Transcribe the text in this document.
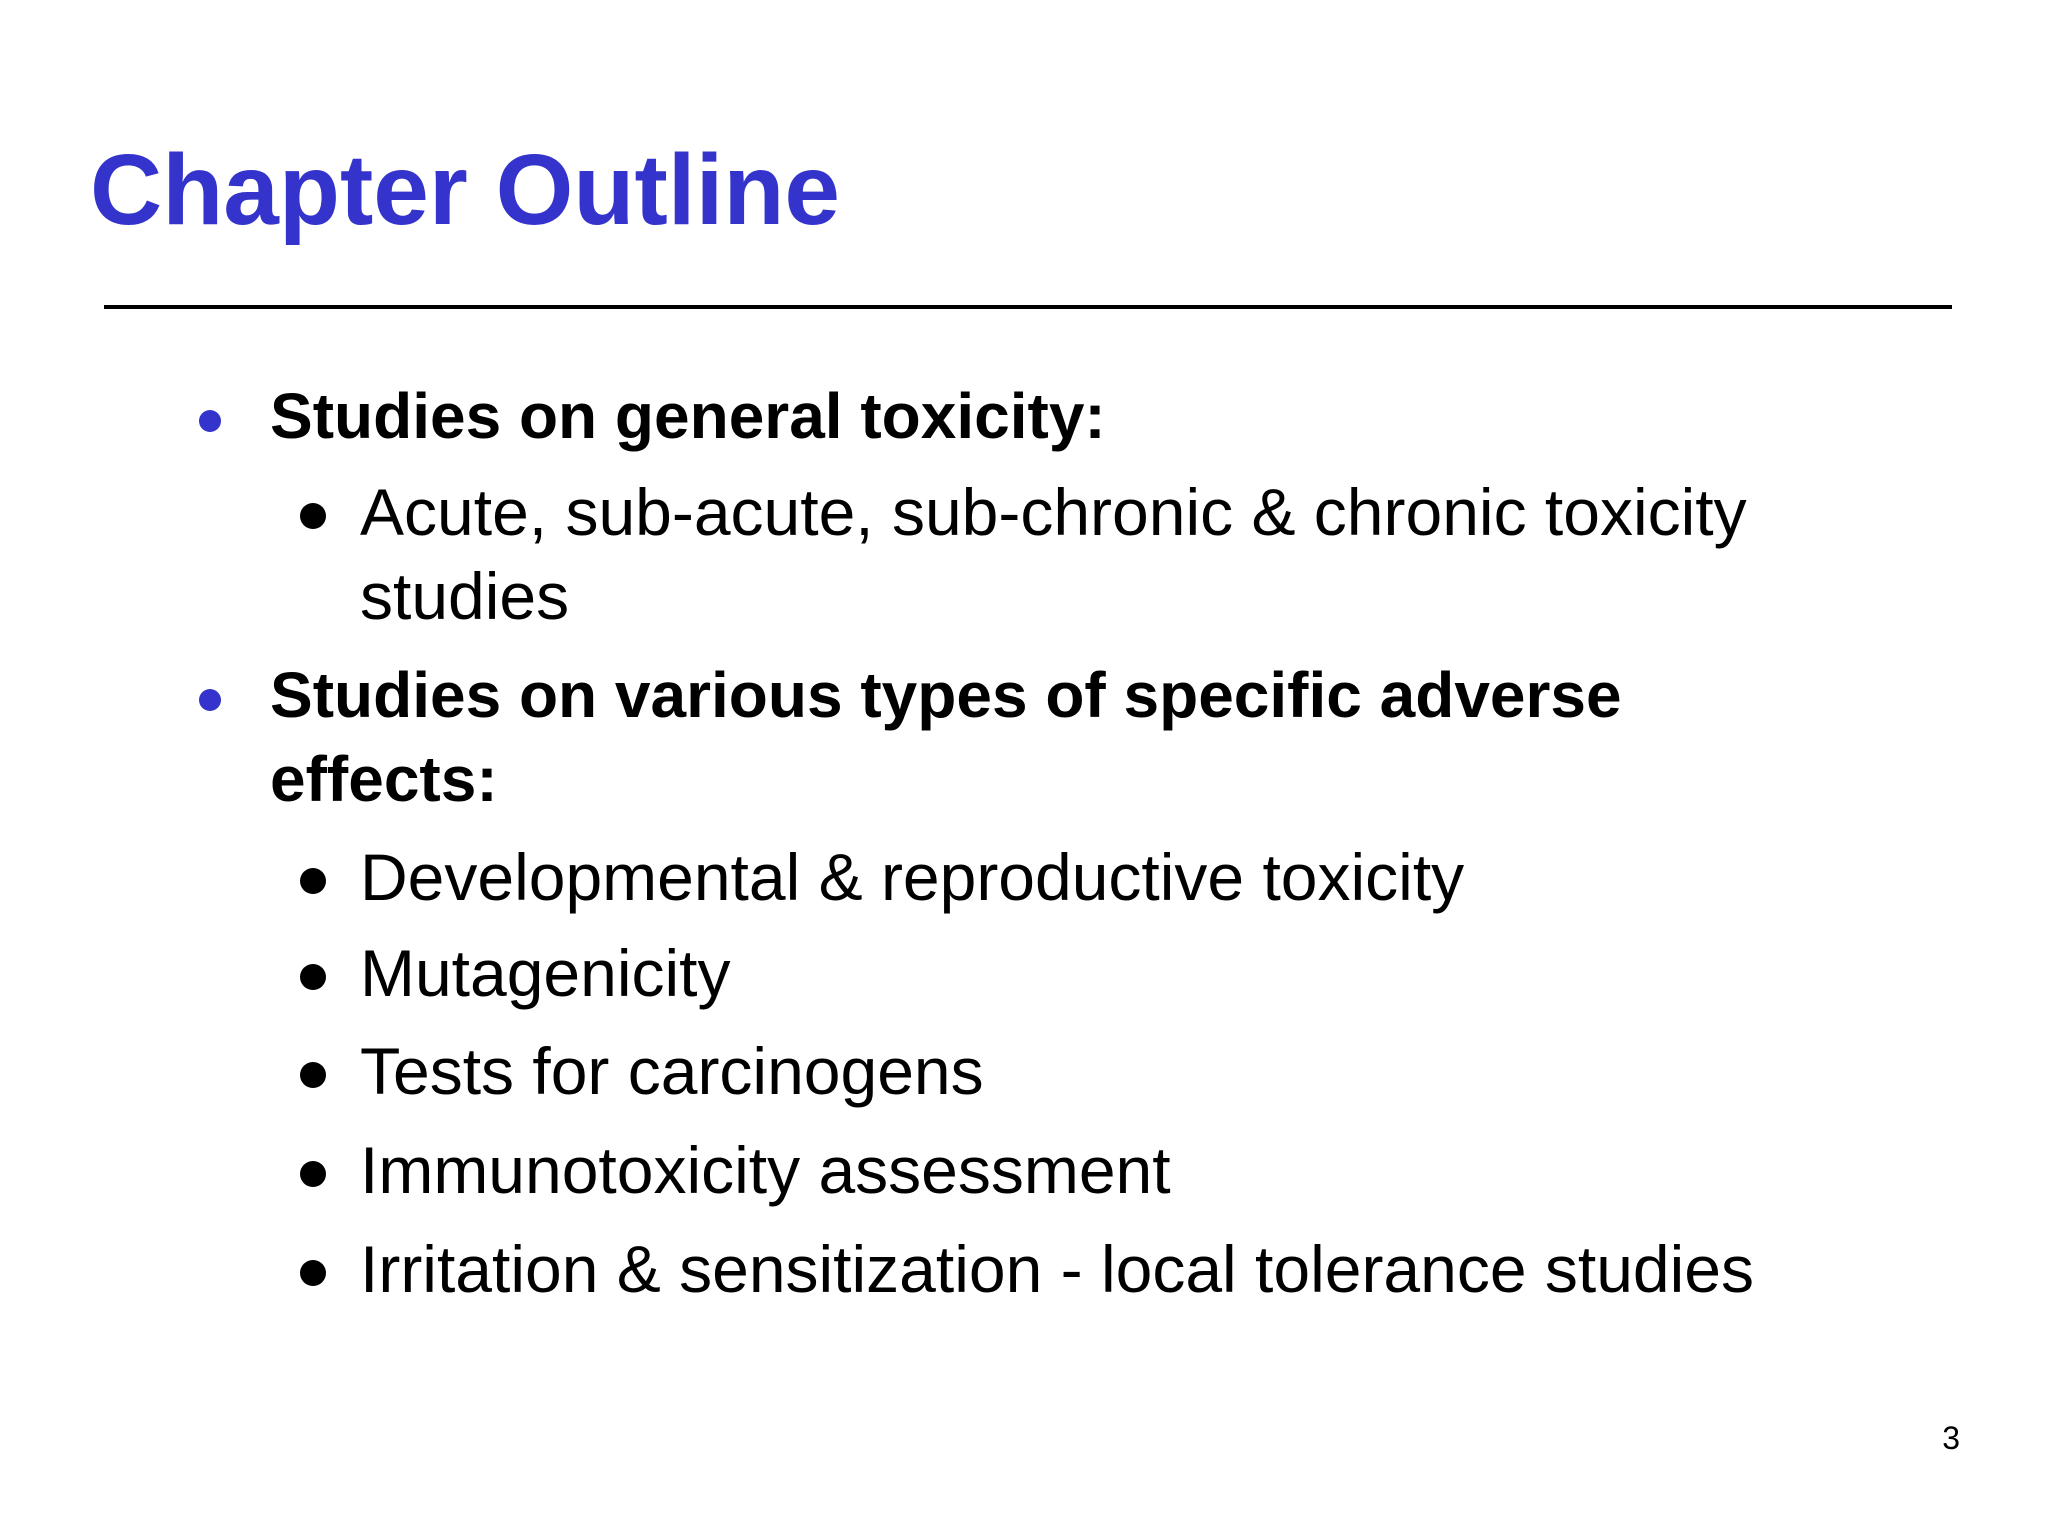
Chapter Outline
Studies on general toxicity:
Acute, sub-acute, sub-chronic & chronic toxicity studies
Studies on various types of specific adverse effects:
Developmental & reproductive toxicity
Mutagenicity
Tests for carcinogens
Immunotoxicity assessment
Irritation & sensitization - local tolerance studies
3
